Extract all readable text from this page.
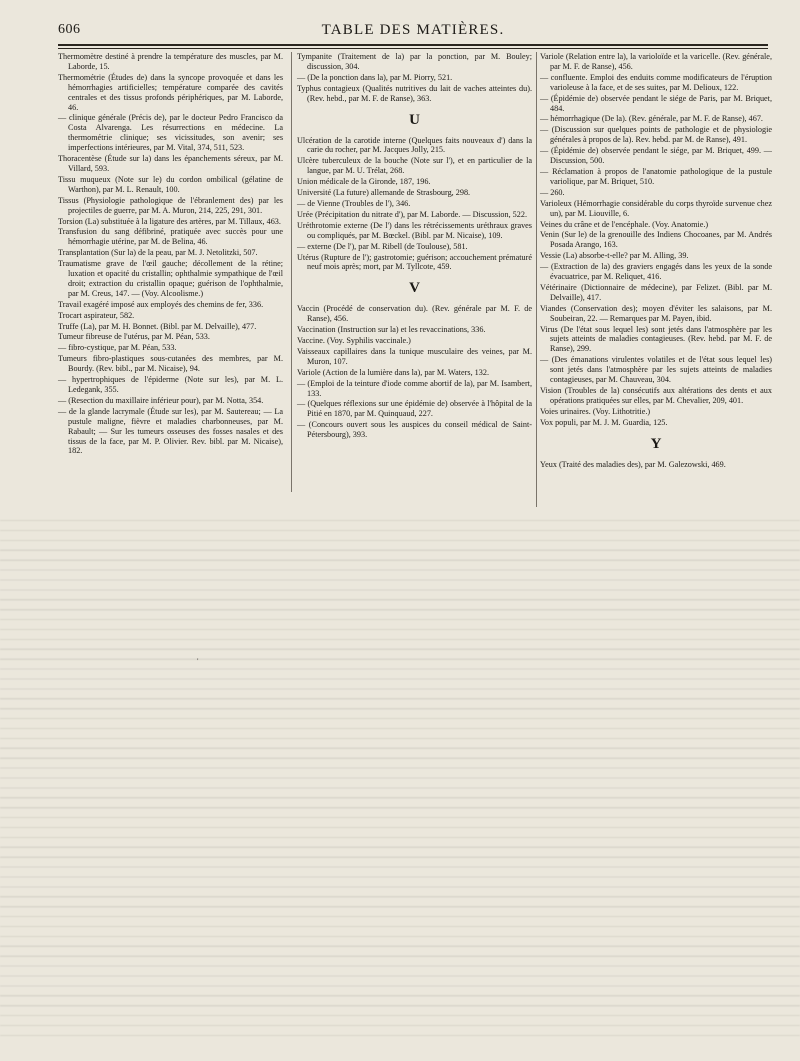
606	TABLE DES MATIÈRES.
Thermomètre destiné à prendre la température des muscles, par M. Laborde, 15.
Thermométrie (Études de) dans la syncope provoquée et dans les hémorrhagies artificielles; température comparée des cavités centrales et des tissus profonds périphériques, par M. Laborde, 46.
— clinique générale (Précis de), par le docteur Pedro Francisco da Costa Alvarenga. Les résurrections en médecine. La thermométrie clinique; ses vicissitudes, son avenir; ses imperfections intérieures, par M. Vital, 374, 511, 523.
Thoracentèse (Étude sur la) dans les épanchements séreux, par M. Villard, 593.
Tissu muqueux (Note sur le) du cordon ombilical (gélatine de Warthon), par M. L. Renault, 100.
Tissus (Physiologie pathologique de l'ébranlement des) par les projectiles de guerre, par M. A. Muron, 214, 225, 291, 301.
Torsion (La) substituée à la ligature des artères, par M. Tillaux, 463.
Transfusion du sang défibriné, pratiquée avec succès pour une hémorrhagie utérine, par M. de Belina, 46.
Transplantation (Sur la) de la peau, par M. J. Netolitzki, 507.
Traumatisme grave de l'œil gauche; décollement de la rétine; luxation et opacité du cristallin; ophthalmie sympathique de l'œil droit; extraction du cristallin opaque; guérison de l'ophthalmie, par M. Creus, 147. — (Voy. Alcoolisme.)
Travail exagéré imposé aux employés des chemins de fer, 336.
Trocart aspirateur, 582.
Truffe (La), par M. H. Bonnet. (Bibl. par M. Delvaille), 477.
Tumeur fibreuse de l'utérus, par M. Péan, 533.
— fibro-cystique, par M. Péan, 533.
Tumeurs fibro-plastiques sous-cutanées des membres, par M. Bourdy. (Rev. bibl., par M. Nicaise), 94.
— hypertrophiques de l'épiderme (Note sur les), par M. L. Ledegank, 355.
— (Resection du maxillaire inférieur pour), par M. Notta, 354.
— de la glande lacrymale (Étude sur les), par M. Sautereau; — La pustule maligne, fièvre et maladies charbonneuses, par M. Rabault; — Sur les tumeurs osseuses des fosses nasales et des tissus de la face, par M. P. Olivier. Rev. bibl. par M. Nicaise), 182.
Tympanite (Traitement de la) par la ponction, par M. Bouley; discussion, 304.
— (De la ponction dans la), par M. Piorry, 521.
Typhus contagieux (Qualités nutritives du lait de vaches atteintes du). (Rev. hebd., par M. F. de Ranse), 363.
U
Ulcération de la carotide interne (Quelques faits nouveaux d') dans la carie du rocher, par M. Jacques Jolly, 215.
Ulcère tuberculeux de la bouche (Note sur l'), et en particulier de la langue, par M. U. Trélat, 268.
Union médicale de la Gironde, 187, 196.
Université (La future) allemande de Strasbourg, 298.
— de Vienne (Troubles de l'), 346.
Urée (Précipitation du nitrate d'), par M. Laborde. — Discussion, 522.
Uréthrotomie externe (De l') dans les rétrécissements uréthraux graves ou compliqués, par M. Bœckel. (Bibl. par M. Nicaise), 109.
— externe (De l'), par M. Ribell (de Toulouse), 581.
Utérus (Rupture de l'); gastrotomie; guérison; accouchement prématuré neuf mois après; mort, par M. Tyllcote, 459.
V
Vaccin (Procédé de conservation du). (Rev. générale par M. F. de Ranse), 456.
Vaccination (Instruction sur la) et les revaccinations, 336.
Vaccine. (Voy. Syphilis vaccinale.)
Vaisseaux capillaires dans la tunique musculaire des veines, par M. Muron, 107.
Variole (Action de la lumière dans la), par M. Waters, 132.
— (Emploi de la teinture d'iode comme abortif de la), par M. Isambert, 133.
— (Quelques réflexions sur une épidémie de) observée à l'hôpital de la Pitié en 1870, par M. Quinquaud, 227.
— (Concours ouvert sous les auspices du conseil médical de Saint-Pétersbourg), 393.
Variole (Relation entre la), la varioloïde et la varicelle. (Rev. générale, par M. F. de Ranse), 456.
— confluente. Emploi des enduits comme modificateurs de l'éruption varioleuse à la face, et de ses suites, par M. Delioux, 122.
— (Épidémie de) observée pendant le siége de Paris, par M. Briquet, 484.
— hémorrhagique (De la). (Rev. générale, par M. F. de Ranse), 467.
— (Discussion sur quelques points de pathologie et de physiologie générales à propos de la). Rev. hebd. par M. de Ranse), 491.
— (Épidémie de) observée pendant le siége, par M. Briquet, 499. — Discussion, 500.
— Réclamation à propos de l'anatomie pathologique de la pustule variolique, par M. Briquet, 510.
— 260.
Varioleux (Hémorrhagie considérable du corps thyroïde survenue chez un), par M. Liouville, 6.
Veines du crâne et de l'encéphale. (Voy. Anatomie.)
Venin (Sur le) de la grenouille des Indiens Chocoanes, par M. Andrés Posada Arango, 163.
Vessie (La) absorbe-t-elle? par M. Alling, 39.
— (Extraction de la) des graviers engagés dans les yeux de la sonde évacuatrice, par M. Reliquet, 416.
Vétérinaire (Dictionnaire de médecine), par Felizet. (Bibl. par M. Delvaille), 417.
Viandes (Conservation des); moyen d'éviter les salaisons, par M. Soubeiran, 22. — Remarques par M. Payen, ibid.
Virus (De l'état sous lequel les) sont jetés dans l'atmosphère par les sujets atteints de maladies contagieuses. (Rev. hebd. par M. F. de Ranse), 299.
— (Des émanations virulentes volatiles et de l'état sous lequel les) sont jetés dans l'atmosphère par les sujets atteints de maladies contagieuses, par M. Chauveau, 304.
Vision (Troubles de la) consécutifs aux altérations des dents et aux opérations pratiquées sur elles, par M. Chevalier, 209, 401.
Voies urinaires. (Voy. Lithotritie.)
Vox populi, par M. J. M. Guardia, 125.
Y
Yeux (Traité des maladies des), par M. Galezowski, 469.
,
